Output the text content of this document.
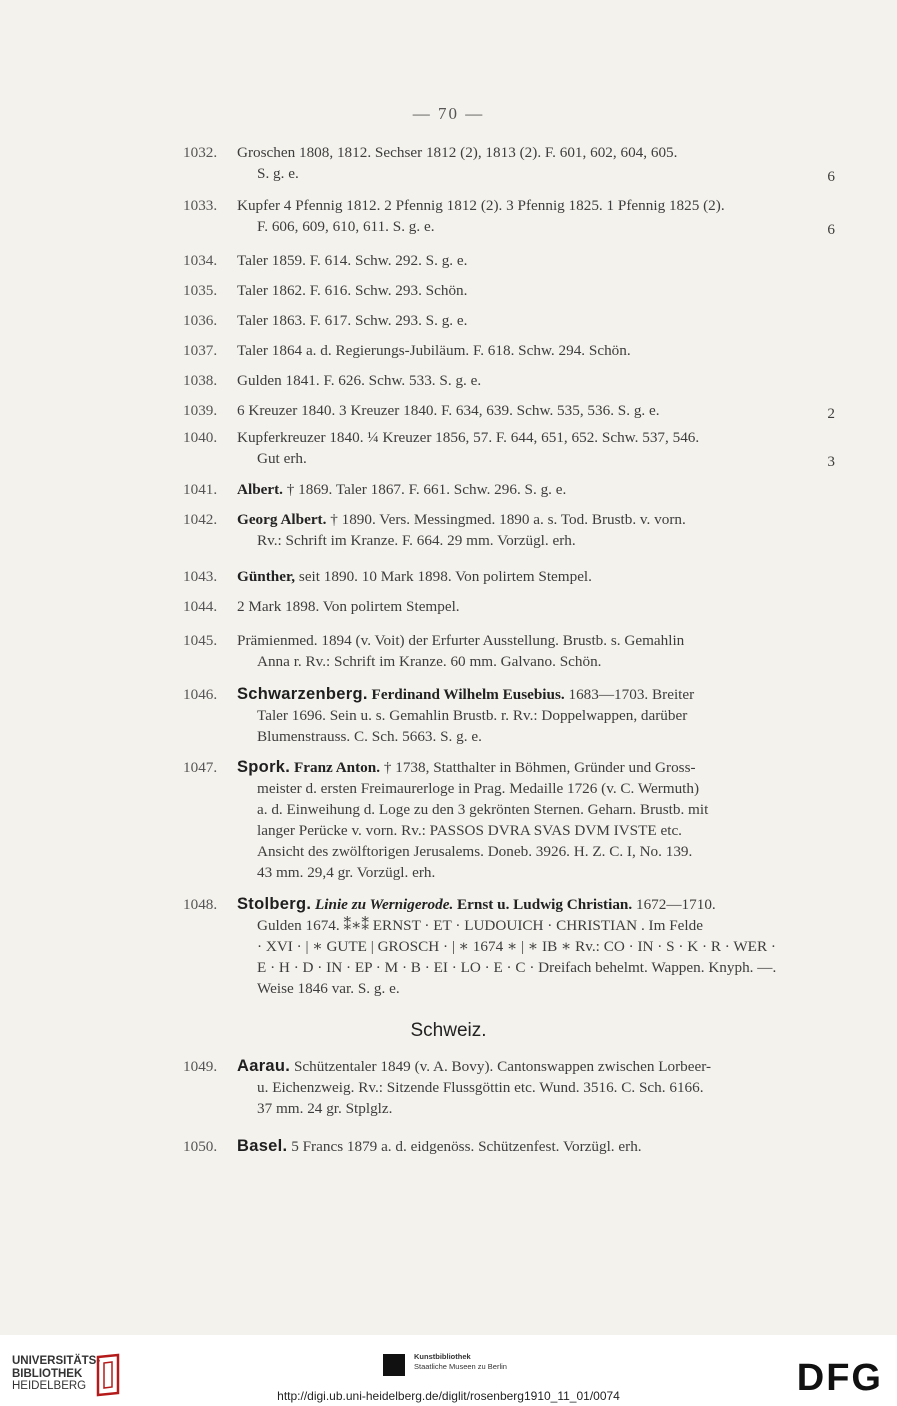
— 70 —
1032.	Groschen 1808, 1812. Sechser 1812 (2), 1813 (2). F. 601, 602, 604, 605.
S. g. e.	6
1033.	Kupfer 4 Pfennig 1812. 2 Pfennig 1812 (2). 3 Pfennig 1825. 1 Pfennig 1825 (2).
F. 606, 609, 610, 611. S. g. e.	6
1034.	Taler 1859. F. 614. Schw. 292. S. g. e.
1035.	Taler 1862. F. 616. Schw. 293. Schön.
1036.	Taler 1863. F. 617. Schw. 293. S. g. e.
1037.	Taler 1864 a. d. Regierungs-Jubiläum. F. 618. Schw. 294. Schön.
1038.	Gulden 1841. F. 626. Schw. 533. S. g. e.
1039.	6 Kreuzer 1840. 3 Kreuzer 1840. F. 634, 639. Schw. 535, 536. S. g. e.	2
1040.	Kupferkreuzer 1840. ¼ Kreuzer 1856, 57. F. 644, 651, 652. Schw. 537, 546.
Gut erh.	3
1041.	Albert. † 1869. Taler 1867. F. 661. Schw. 296. S. g. e.
1042.	Georg Albert. † 1890. Vers. Messingmed. 1890 a. s. Tod. Brustb. v. vorn.
Rv.: Schrift im Kranze. F. 664. 29 mm. Vorzügl. erh.
1043.	Günther, seit 1890. 10 Mark 1898. Von polirtem Stempel.
1044.	2 Mark 1898. Von polirtem Stempel.
1045.	Prämienmed. 1894 (v. Voit) der Erfurter Ausstellung. Brustb. s. Gemahlin
Anna r. Rv.: Schrift im Kranze. 60 mm. Galvano. Schön.
1046.	Schwarzenberg. Ferdinand Wilhelm Eusebius. 1683—1703. Breiter
Taler 1696. Sein u. s. Gemahlin Brustb. r. Rv.: Doppelwappen, darüber
Blumenstrauss. C. Sch. 5663. S. g. e.
1047.	Spork. Franz Anton. † 1738, Statthalter in Böhmen, Gründer und Gross-
meister d. ersten Freimaurerloge in Prag. Medaille 1726 (v. C. Wermuth)
a. d. Einweihung d. Loge zu den 3 gekrönten Sternen. Geharn. Brustb. mit
langer Perücke v. vorn. Rv.: PASSOS DVRA SVAS DVM IVSTE etc.
Ansicht des zwölftorigen Jerusalems. Doneb. 3926. H. Z. C. I, No. 139.
43 mm. 29,4 gr. Vorzügl. erh.
1048.	Stolberg. Linie zu Wernigerode. Ernst u. Ludwig Christian. 1672—1710.
Gulden 1674. ⁑∗⁑ ERNST · ET · LUDOUICH · CHRISTIAN . Im Felde
· XVI · | ∗ GUTE | GROSCH · | ∗ 1674 ∗ | ∗ IB ∗ Rv.: CO · IN · S · K · R · WER ·
E · H · D · IN · EP · M · B · EI · LO · E · C · Dreifach behelmt. Wappen. Knyph. —.
Weise 1846 var. S. g. e.
1049.	Aarau. Schützentaler 1849 (v. A. Bovy). Cantonswappen zwischen Lorbeer-
u. Eichenzweig. Rv.: Sitzende Flussgöttin etc. Wund. 3516. C. Sch. 6166.
37 mm. 24 gr. Stplglz.
1050.	Basel. 5 Francs 1879 a. d. eidgenöss. Schützenfest. Vorzügl. erh.
Schweiz.
UNIVERSITÄTS-
BIBLIOTHEK
HEIDELBERG
Kunstbibliothek
Staatliche Museen zu Berlin	DFG
http://digi.ub.uni-heidelberg.de/diglit/rosenberg1910_11_01/0074
